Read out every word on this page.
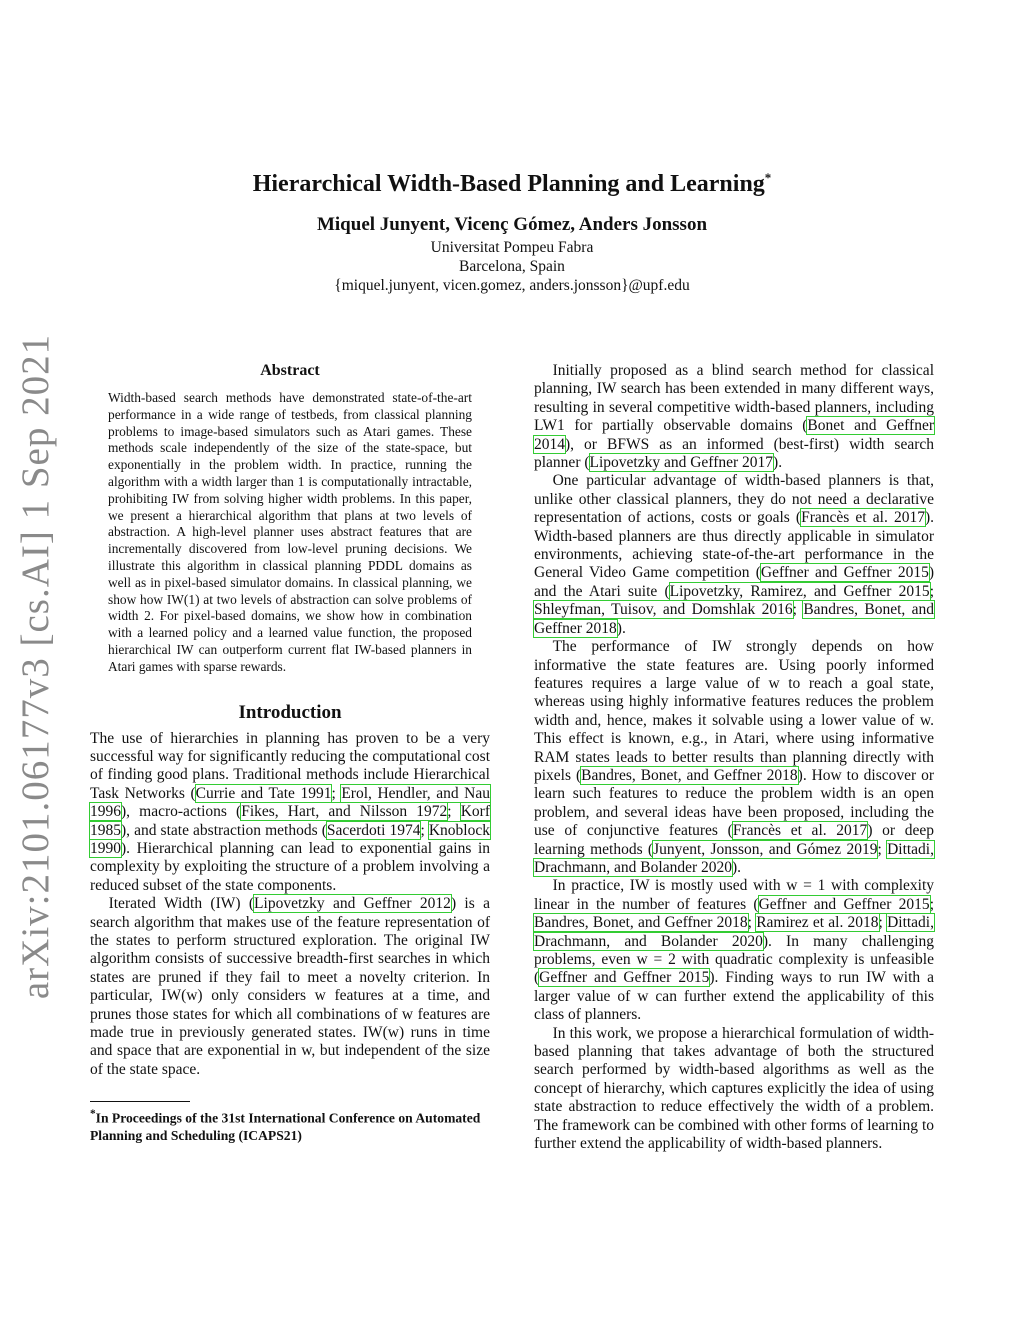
arXiv:2101.06177v3 [cs.AI] 1 Sep 2021
Hierarchical Width-Based Planning and Learning*
Miquel Junyent, Vicenç Gómez, Anders Jonsson
Universitat Pompeu Fabra
Barcelona, Spain
{miquel.junyent, vicen.gomez, anders.jonsson}@upf.edu
Abstract

Width-based search methods have demonstrated state-of-the-art performance in a wide range of testbeds, from classical planning problems to image-based simulators such as Atari games. These methods scale independently of the size of the state-space, but exponentially in the problem width. In practice, running the algorithm with a width larger than 1 is computationally intractable, prohibiting IW from solving higher width problems. In this paper, we present a hierarchical algorithm that plans at two levels of abstraction. A high-level planner uses abstract features that are incrementally discovered from low-level pruning decisions. We illustrate this algorithm in classical planning PDDL domains as well as in pixel-based simulator domains. In classical planning, we show how IW(1) at two levels of abstraction can solve problems of width 2. For pixel-based domains, we show how in combination with a learned policy and a learned value function, the proposed hierarchical IW can outperform current flat IW-based planners in Atari games with sparse rewards.

Introduction

The use of hierarchies in planning has proven to be a very successful way for significantly reducing the computational cost of finding good plans. Traditional methods include Hierarchical Task Networks (Currie and Tate 1991; Erol, Hendler, and Nau 1996), macro-actions (Fikes, Hart, and Nilsson 1972; Korf 1985), and state abstraction methods (Sacerdoti 1974; Knoblock 1990). Hierarchical planning can lead to exponential gains in complexity by exploiting the structure of a problem involving a reduced subset of the state components.

Iterated Width (IW) (Lipovetzky and Geffner 2012) is a search algorithm that makes use of the feature representation of the states to perform structured exploration. The original IW algorithm consists of successive breadth-first searches in which states are pruned if they fail to meet a novelty criterion. In particular, IW(w) only considers w features at a time, and prunes those states for which all combinations of w features are made true in previously generated states. IW(w) runs in time and space that are exponential in w, but independent of the size of the state space.

*In Proceedings of the 31st International Conference on Automated Planning and Scheduling (ICAPS21)

Initially proposed as a blind search method for classical planning, IW search has been extended in many different ways, resulting in several competitive width-based planners, including LW1 for partially observable domains (Bonet and Geffner 2014), or BFWS as an informed (best-first) width search planner (Lipovetzky and Geffner 2017).

One particular advantage of width-based planners is that, unlike other classical planners, they do not need a declarative representation of actions, costs or goals (Francès et al. 2017). Width-based planners are thus directly applicable in simulator environments, achieving state-of-the-art performance in the General Video Game competition (Geffner and Geffner 2015) and the Atari suite (Lipovetzky, Ramirez, and Geffner 2015; Shleyfman, Tuisov, and Domshlak 2016; Bandres, Bonet, and Geffner 2018).

The performance of IW strongly depends on how informative the state features are. Using poorly informed features requires a large value of w to reach a goal state, whereas using highly informative features reduces the problem width and, hence, makes it solvable using a lower value of w. This effect is known, e.g., in Atari, where using informative RAM states leads to better results than planning directly with pixels (Bandres, Bonet, and Geffner 2018). How to discover or learn such features to reduce the problem width is an open problem, and several ideas have been proposed, including the use of conjunctive features (Francès et al. 2017) or deep learning methods (Junyent, Jonsson, and Gómez 2019; Dittadi, Drachmann, and Bolander 2020).

In practice, IW is mostly used with w = 1 with complexity linear in the number of features (Geffner and Geffner 2015; Bandres, Bonet, and Geffner 2018; Ramirez et al. 2018; Dittadi, Drachmann, and Bolander 2020). In many challenging problems, even w = 2 with quadratic complexity is unfeasible (Geffner and Geffner 2015). Finding ways to run IW with a larger value of w can further extend the applicability of this class of planners.

In this work, we propose a hierarchical formulation of width-based planning that takes advantage of both the structured search performed by width-based algorithms as well as the concept of hierarchy, which captures explicitly the idea of using state abstraction to reduce effectively the width of a problem. The framework can be combined with other forms of learning to further extend the applicability of width-based planners.
